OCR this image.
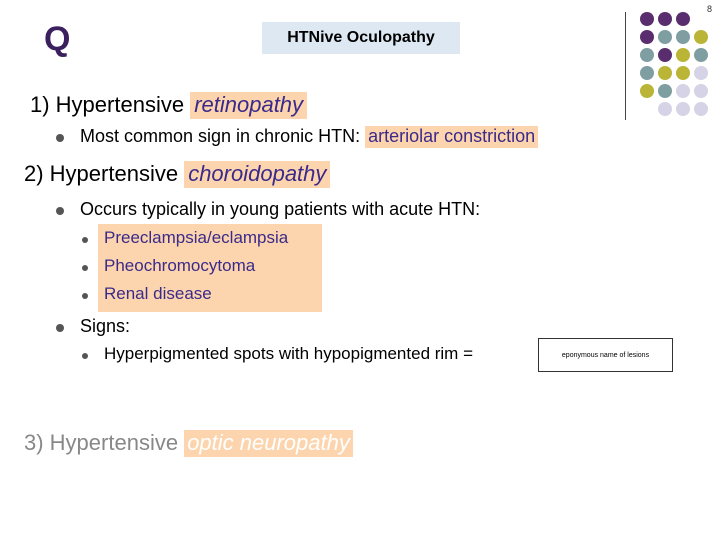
Q
8
HTNive Oculopathy
1) Hypertensive retinopathy
Most common sign in chronic HTN: arteriolar constriction
2) Hypertensive choroidopathy
Occurs typically in young patients with acute HTN:
Preeclampsia/eclampsia
Pheochromocytoma
Renal disease
Signs:
Hyperpigmented spots with hypopigmented rim =	eponymous name of lesions
3) Hypertensive optic neuropathy
